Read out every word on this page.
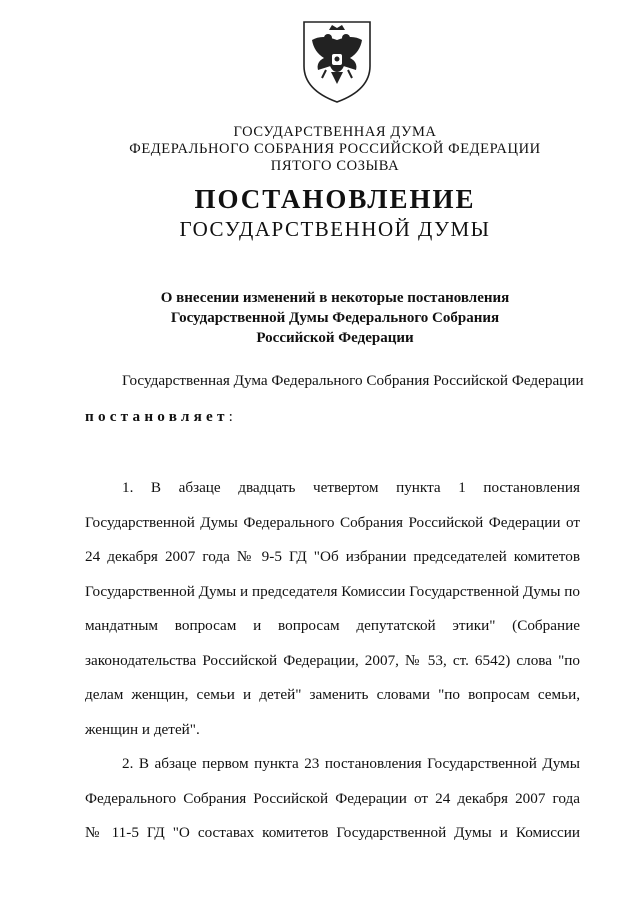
ГОСУДАРСТВЕННАЯ ДУМА
ФЕДЕРАЛЬНОГО СОБРАНИЯ РОССИЙСКОЙ ФЕДЕРАЦИИ
ПЯТОГО СОЗЫВА
ПОСТАНОВЛЕНИЕ
ГОСУДАРСТВЕННОЙ ДУМЫ
О внесении изменений в некоторые постановления
Государственной Думы Федерального Собрания
Российской Федерации
Государственная Дума Федерального Собрания Российской Федерации
постановляет:
1. В абзаце двадцать четвертом пункта 1 постановления
Государственной Думы Федерального Собрания Российской Федерации от
24 декабря 2007 года № 9-5 ГД "Об избрании председателей комитетов
Государственной Думы и председателя Комиссии Государственной Думы по
мандатным вопросам и вопросам депутатской этики" (Собрание
законодательства Российской Федерации, 2007, № 53, ст. 6542) слова "по
делам женщин, семьи и детей" заменить словами "по вопросам семьи,
женщин и детей".
2. В абзаце первом пункта 23 постановления Государственной Думы
Федерального Собрания Российской Федерации от 24 декабря 2007 года
№ 11-5 ГД "О составах комитетов Государственной Думы и Комиссии
